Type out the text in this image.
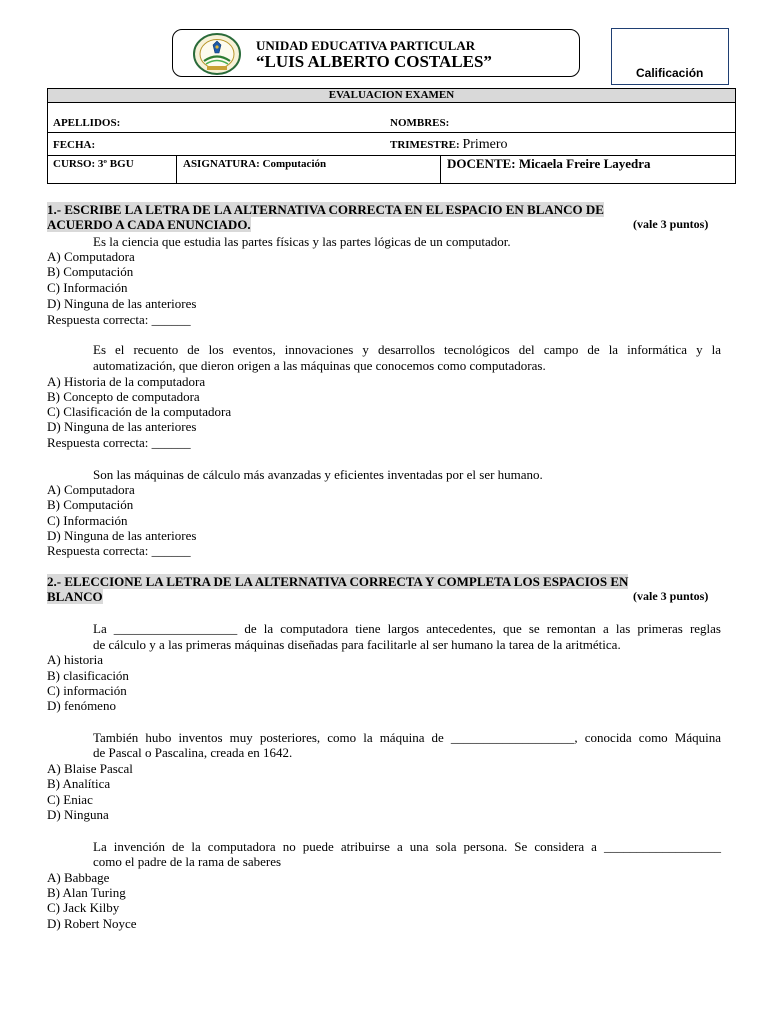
UNIDAD EDUCATIVA PARTICULAR
“LUIS ALBERTO COSTALES”
Calificación
EVALUACION EXAMEN
APELLIDOS:	NOMBRES:
FECHA:	TRIMESTRE: Primero
CURSO: 3º BGU	ASIGNATURA: Computación	DOCENTE: Micaela Freire Layedra
1.- ESCRIBE LA LETRA DE LA ALTERNATIVA CORRECTA EN EL ESPACIO EN BLANCO DE
ACUERDO A CADA ENUNCIADO.	(vale 3 puntos)
Es la ciencia que estudia las partes físicas y las partes lógicas de un computador.
A) Computadora
B) Computación
C) Información
D) Ninguna de las anteriores
Respuesta correcta: ______
Es el recuento de los eventos, innovaciones y desarrollos tecnológicos del campo de la informática y la
automatización, que dieron origen a las máquinas que conocemos como computadoras.
A) Historia de la computadora
B) Concepto de computadora
C) Clasificación de la computadora
D) Ninguna de las anteriores
Respuesta correcta: ______
Son las máquinas de cálculo más avanzadas y eficientes inventadas por el ser humano.
A) Computadora
B) Computación
C) Información
D) Ninguna de las anteriores
Respuesta correcta: ______
2.- ELECCIONE LA LETRA DE LA ALTERNATIVA CORRECTA Y COMPLETA LOS ESPACIOS EN
BLANCO	(vale 3 puntos)
La ___________________ de la computadora tiene largos antecedentes, que se remontan a las primeras reglas
de cálculo y a las primeras máquinas diseñadas para facilitarle al ser humano la tarea de la aritmética.
A) historia
B) clasificación
C) información
D) fenómeno
También hubo inventos muy posteriores, como la máquina de ___________________, conocida como Máquina
de Pascal o Pascalina, creada en 1642.
A) Blaise Pascal
B) Analítica
C) Eniac
D) Ninguna
La invención de la computadora no puede atribuirse a una sola persona. Se considera a __________________
como el padre de la rama de saberes
A) Babbage
B) Alan Turing
C) Jack Kilby
D) Robert Noyce
